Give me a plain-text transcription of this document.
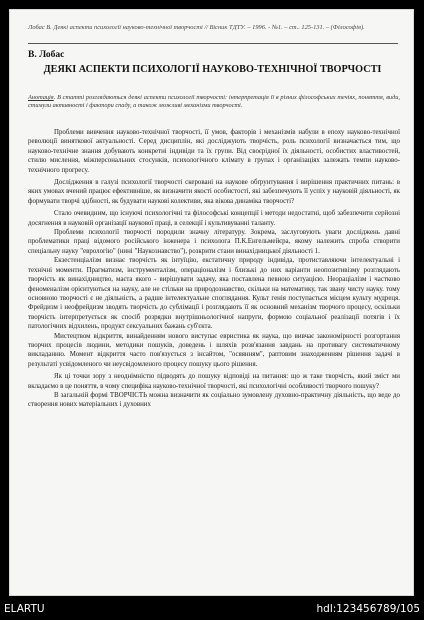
Лобас В. Деякі аспекти психології науково-технічної творчості // Вісник ТДТУ. – 1996. - №1. – ст.. 125-131. – (Філософія).
В. Лобас
ДЕЯКІ АСПЕКТИ ПСИХОЛОГІЇ НАУКОВО-ТЕХНІЧНОЇ ТВОРЧОСТІ

Анотація. В статті розглядаються деякі аспекти психології творчості: інтерпретація її в різних філософських течіях, поняття, види, стимули активності і фактори спаду, а також можливі механізми творчості.

Проблеми вивчення науково-технічної творчості, її умов, факторів і механізмів набули в епоху науково-технічної революції виняткової актуальності. Серед дисциплін, які досліджують творчість, роль психології визначається тим, що науково-технічне знання добувають конкретні індивіди та їх групи. Від своєрідної їх діяльності, особистих властивостей, стилю мислення, міжперсональних стосунків, психологічного клімату в групах і організаціях залежать темпи науково-технічного прогресу.

Дослідження в галузі психології творчості скеровані на наукове обґрунтування і вирішення практичних питань: в яких умовах вчений працює ефективніше, як визначити якості особистості, які забезпечують її успіх у науковій діяльності, як формувати творчі здібності, як будувати наукові колективи, яка вікова динаміка творчості?

Стало очевидним, що існуючі психологічні та філософські концепції і методи недостатні, щоб забезпечити серйозні досягнення в науковій організації наукової праці, в селекції і культивуванні таланту.

Проблеми психології творчості породили значну літературу. Зокрема, заслуговують уваги досліджень давні проблематики праці відомого російського інженера і психолога П.К.Енгельмейєра, якому належить спроба створити спеціальну науку "еврологію" (нині "Наукознавство"), розкрити стани винахідницької діяльності 1.

Екзестенціалізм визнає творчість як інтуїцію, екстатичну природу індивіда, протиставляючи інтелектуальні і технічні моменти. Прагматизм, інструменталізм, операціоналізм і близькі до них варіанти неопозитивізму розглядають творчість як винахідництво, маєта якого - вирішувати задачу, яка поставлена певною ситуацією. Неораціалізм і частково феноменалізм орієнтуються на науку, але не стільки на природознавство, скільки на математику, так звану чисту науку. тому основною творчості є не діяльність, а радше інтелектуальне споглядання. Культ генія поступається місцем культу мудреця. Фрейдизм і неофрейдизм зводять творчість до сублімації і розглядають її як основний механізм творчого процесу, оскільки творчість інтерпретується як спосіб розрядки внутрішньологічної напруги, формою соціальної реалізації потягів і їх патологічних відхилень, продукт сексуальних бажань суб'єкта.

Мистецтвом відкриття, винайденням нового виступає евристика як наука, що вивчає закономірності розгортання творчих процесів людини, методики пошуків, доведень і шляхів розв'язання завдань на противагу систематичному викладанню. Момент відкриття часто пов'язується з інсайтом, "осяянням", раптовим знаходженням рішення задачі в результаті усвідомленого чи неусвідомленого процесу пошуку цього рішення.

Як ці точки зору з неоднімністю підводять до пошуку відповіді на питання: що ж таке творчість, який зміст ми вкладаємо в це поняття, в чому специфіка науково-технічної творчості, які психологічні особливості творчого пошуку?

В загальній формі ТВОРЧІСТЬ можна визначити як соціально зумовлену духовно-практичну діяльність, що веде до створення нових матеріальних і духовних

ELARTU	hdl:123456789/105
